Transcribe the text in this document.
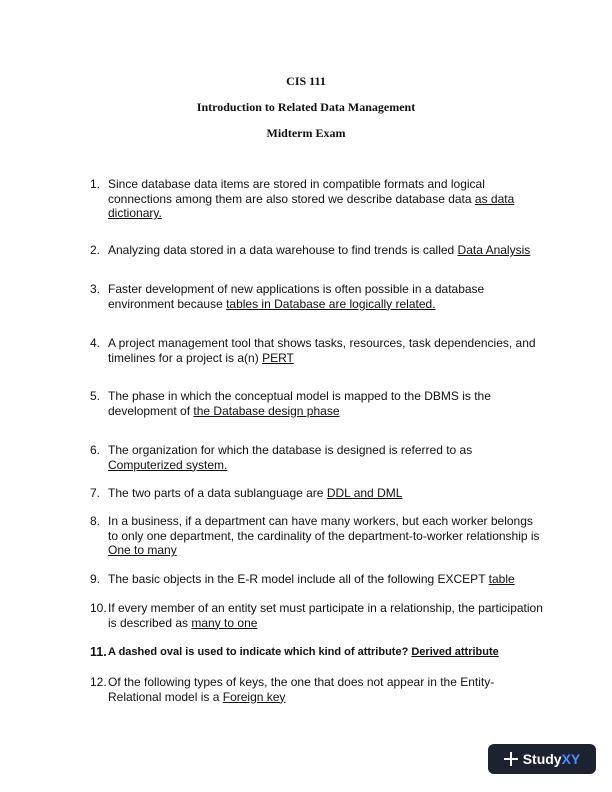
CIS 111
Introduction to Related Data Management
Midterm Exam
1. Since database data items are stored in compatible formats and logical connections among them are also stored we describe database data as data dictionary.
2. Analyzing data stored in a data warehouse to find trends is called Data Analysis
3. Faster development of new applications is often possible in a database environment because tables in Database are logically related.
4. A project management tool that shows tasks, resources, task dependencies, and timelines for a project is a(n) PERT
5. The phase in which the conceptual model is mapped to the DBMS is the development of the Database design phase
6. The organization for which the database is designed is referred to as Computerized system.
7. The two parts of a data sublanguage are DDL and DML
8. In a business, if a department can have many workers, but each worker belongs to only one department, the cardinality of the department-to-worker relationship is One to many
9. The basic objects in the E-R model include all of the following EXCEPT table
10. If every member of an entity set must participate in a relationship, the participation is described as many to one
11. A dashed oval is used to indicate which kind of attribute? Derived attribute
12. Of the following types of keys, the one that does not appear in the Entity-Relational model is a Foreign key
StudyXY
